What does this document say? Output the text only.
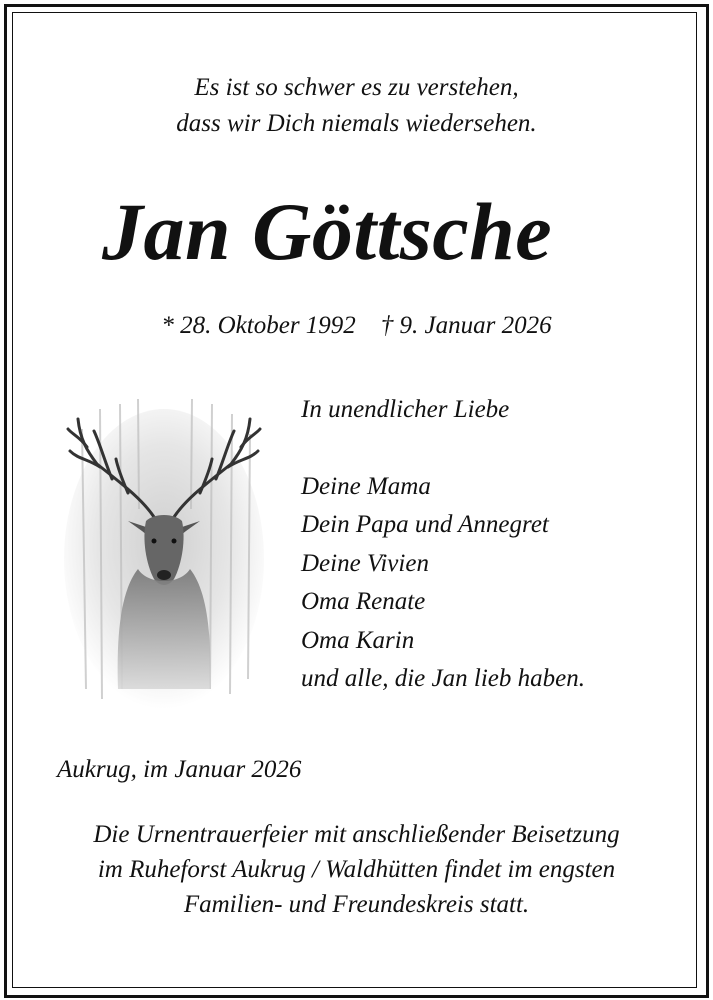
Es ist so schwer es zu verstehen,
dass wir Dich niemals wiedersehen.
Jan Göttsche
* 28. Oktober 1992 † 9. Januar 2026
In unendlicher Liebe
Deine Mama
Dein Papa und Annegret
Deine Vivien
Oma Renate
Oma Karin
und alle, die Jan lieb haben.
Aukrug, im Januar 2026
Die Urnentrauerfeier mit anschließender Beisetzung
im Ruheforst Aukrug / Waldhütten findet im engsten
Familien- und Freundeskreis statt.
